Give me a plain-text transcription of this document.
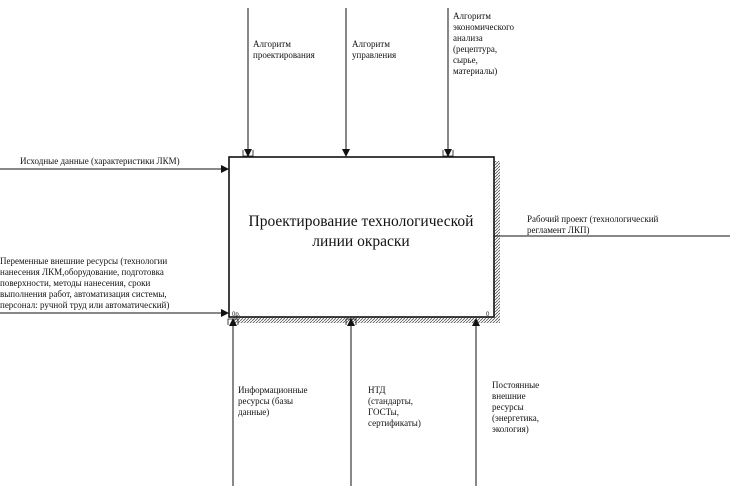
Проектирование технологической
линии окраски
0р.	0
Алгоритм
проектирования
Алгоритм
управления
Алгоритм
экономического
анализа
(рецептура,
сырье,
материалы)
Исходные данные (характеристики ЛКМ)
Переменные внешние ресурсы (технологии
нанесения ЛКМ,оборудование, подготовка
поверхности, методы нанесения, сроки
выполнения работ, автоматизация системы,
персонал: ручной труд или автоматический)
Рабочий проект (технологический
регламент ЛКП)
Информационные
ресурсы (базы
данные)
НТД
(стандарты,
ГОСТы,
сертификаты)
Постоянные
внешние
ресурсы
(энергетика,
экология)
